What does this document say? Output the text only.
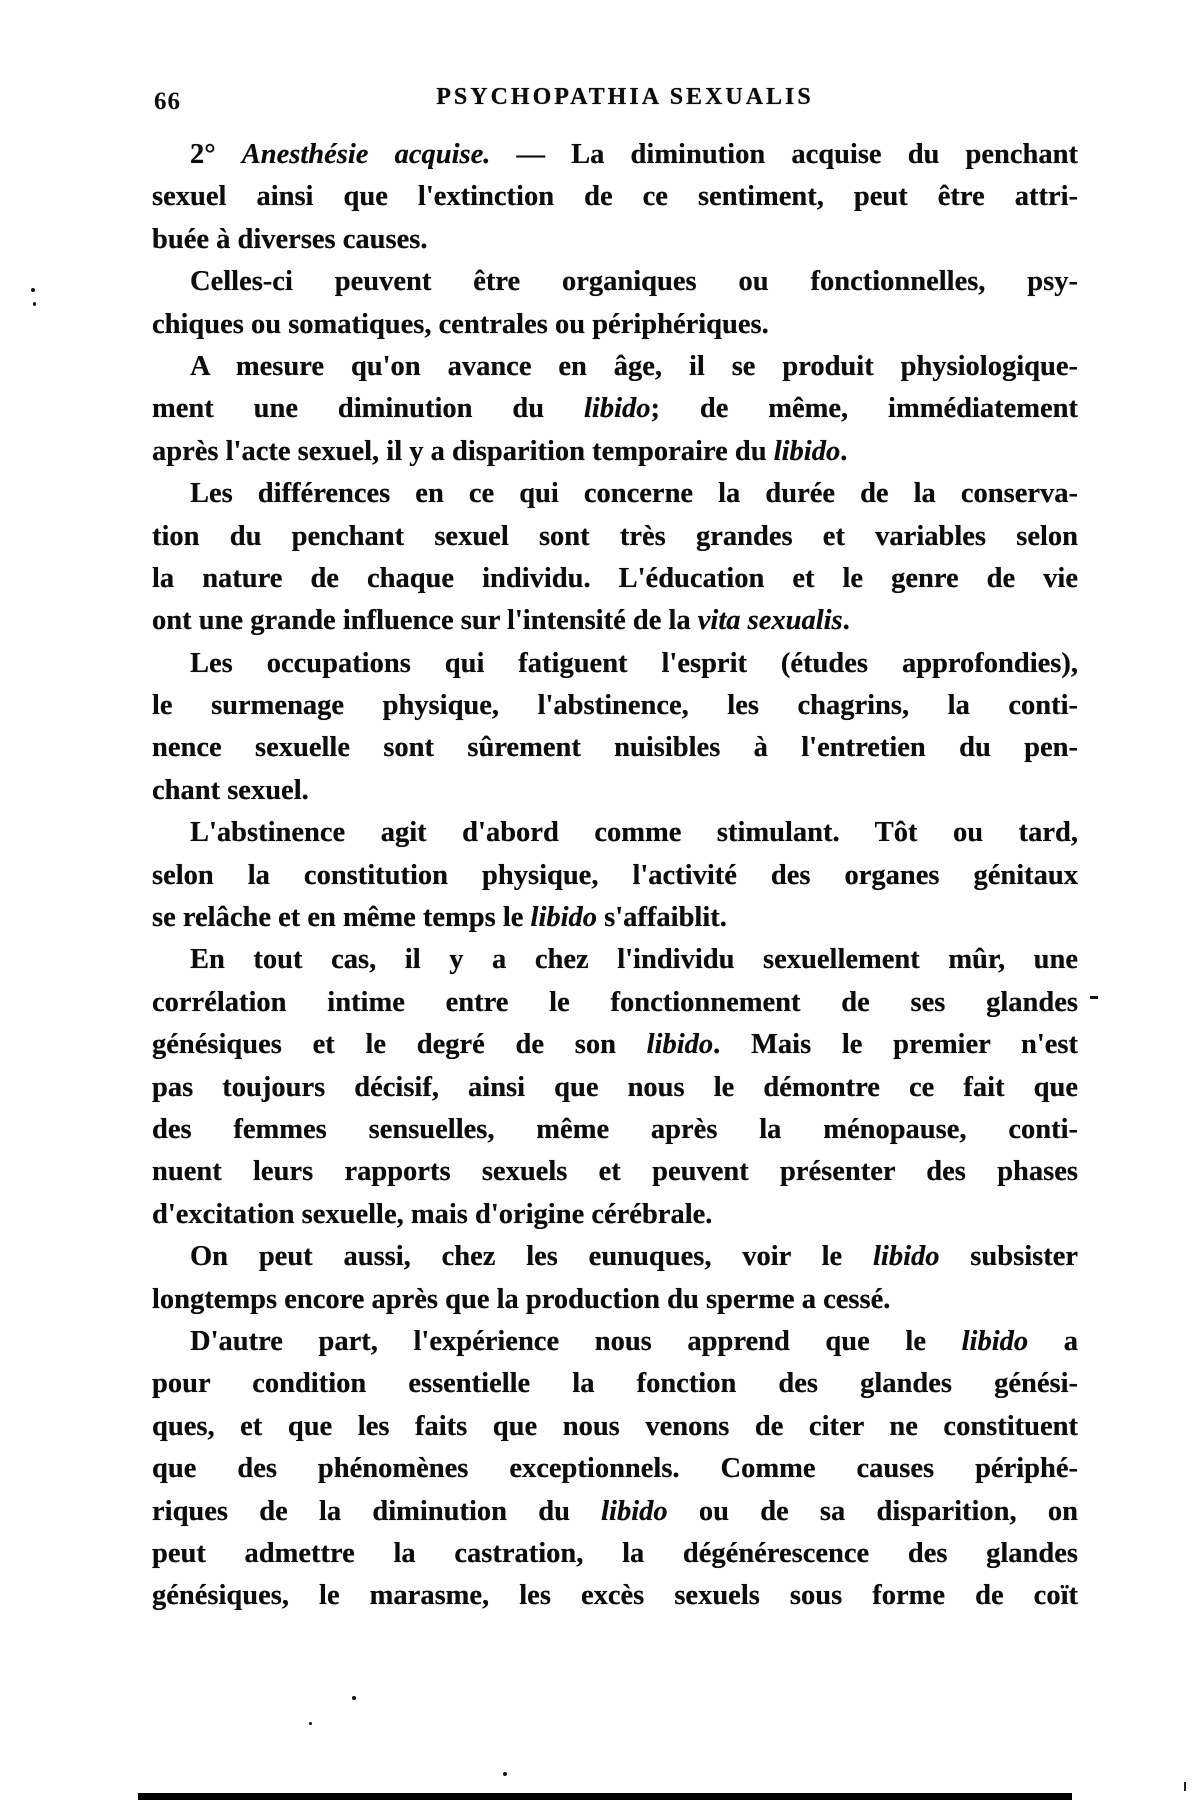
66	PSYCHOPATHIA SEXUALIS
2° Anesthésie acquise. — La diminution acquise du penchant
sexuel ainsi que l'extinction de ce sentiment, peut être attri-
buée à diverses causes.
Celles-ci peuvent être organiques ou fonctionnelles, psy-
chiques ou somatiques, centrales ou périphériques.
A mesure qu'on avance en âge, il se produit physiologique-
ment une diminution du libido; de même, immédiatement
après l'acte sexuel, il y a disparition temporaire du libido.
Les différences en ce qui concerne la durée de la conserva-
tion du penchant sexuel sont très grandes et variables selon
la nature de chaque individu. L'éducation et le genre de vie
ont une grande influence sur l'intensité de la vita sexualis.
Les occupations qui fatiguent l'esprit (études approfondies),
le surmenage physique, l'abstinence, les chagrins, la conti-
nence sexuelle sont sûrement nuisibles à l'entretien du pen-
chant sexuel.
L'abstinence agit d'abord comme stimulant. Tôt ou tard,
selon la constitution physique, l'activité des organes génitaux
se relâche et en même temps le libido s'affaiblit.
En tout cas, il y a chez l'individu sexuellement mûr, une
corrélation intime entre le fonctionnement de ses glandes
génésiques et le degré de son libido. Mais le premier n'est
pas toujours décisif, ainsi que nous le démontre ce fait que
des femmes sensuelles, même après la ménopause, conti-
nuent leurs rapports sexuels et peuvent présenter des phases
d'excitation sexuelle, mais d'origine cérébrale.
On peut aussi, chez les eunuques, voir le libido subsister
longtemps encore après que la production du sperme a cessé.
D'autre part, l'expérience nous apprend que le libido a
pour condition essentielle la fonction des glandes génési-
ques, et que les faits que nous venons de citer ne constituent
que des phénomènes exceptionnels. Comme causes périphé-
riques de la diminution du libido ou de sa disparition, on
peut admettre la castration, la dégénérescence des glandes
génésiques, le marasme, les excès sexuels sous forme de coït
